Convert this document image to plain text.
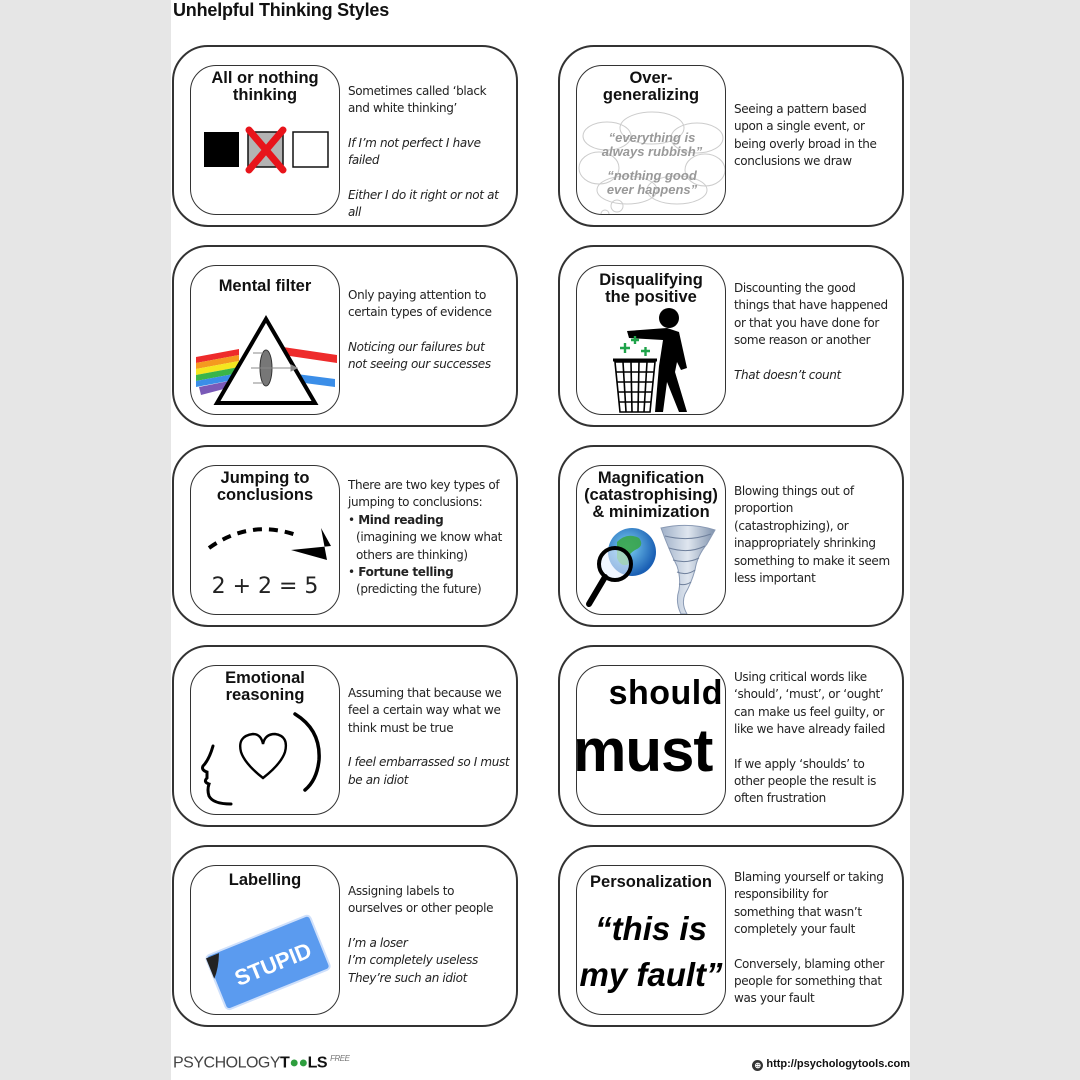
Unhelpful Thinking Styles
All or nothing
thinking	Sometimes called ‘black
and white thinking’

If I’m not perfect I have failed

Either I do it right or not at all

Over-
generalizing
“everything is
always rubbish”
“nothing good
ever happens”

Seeing a pattern based
upon a single event, or
being overly broad in the
conclusions we draw

Mental filter	Only paying attention to
certain types of evidence

Noticing our failures but
not seeing our successes

Disqualifying
the positive	Discounting the good
things that have happened
or that you have done for
some reason or another

That doesn’t count

Jumping to
conclusions
2 + 2 = 5
There are two key types of
jumping to conclusions:
• Mind reading
(imagining we know what
others are thinking)
• Fortune telling
(predicting the future)
Magnification
(catastrophising)
& minimization
Blowing things out of
proportion
(catastrophizing), or
inappropriately shrinking
something to make it seem
less important
Emotional
reasoning	Assuming that because we
feel a certain way what we
think must be true

I feel embarrassed so I must
be an idiot

should
must

Using critical words like
‘should’, ‘must’, or ‘ought’
can make us feel guilty, or
like we have already failed

If we apply ‘shoulds’ to
other people the result is
often frustration

Labelling
STUPID

Assigning labels to
ourselves or other people

I’m a loser
I’m completely useless
They’re such an idiot

Personalization
“this is
my fault”

Blaming yourself or taking
responsibility for
something that wasn’t
completely your fault

Conversely, blaming other
people for something that
was your fault

PSYCHOLOGYT●●LS $^{FREE}$
⊕ http://psychologytools.com
